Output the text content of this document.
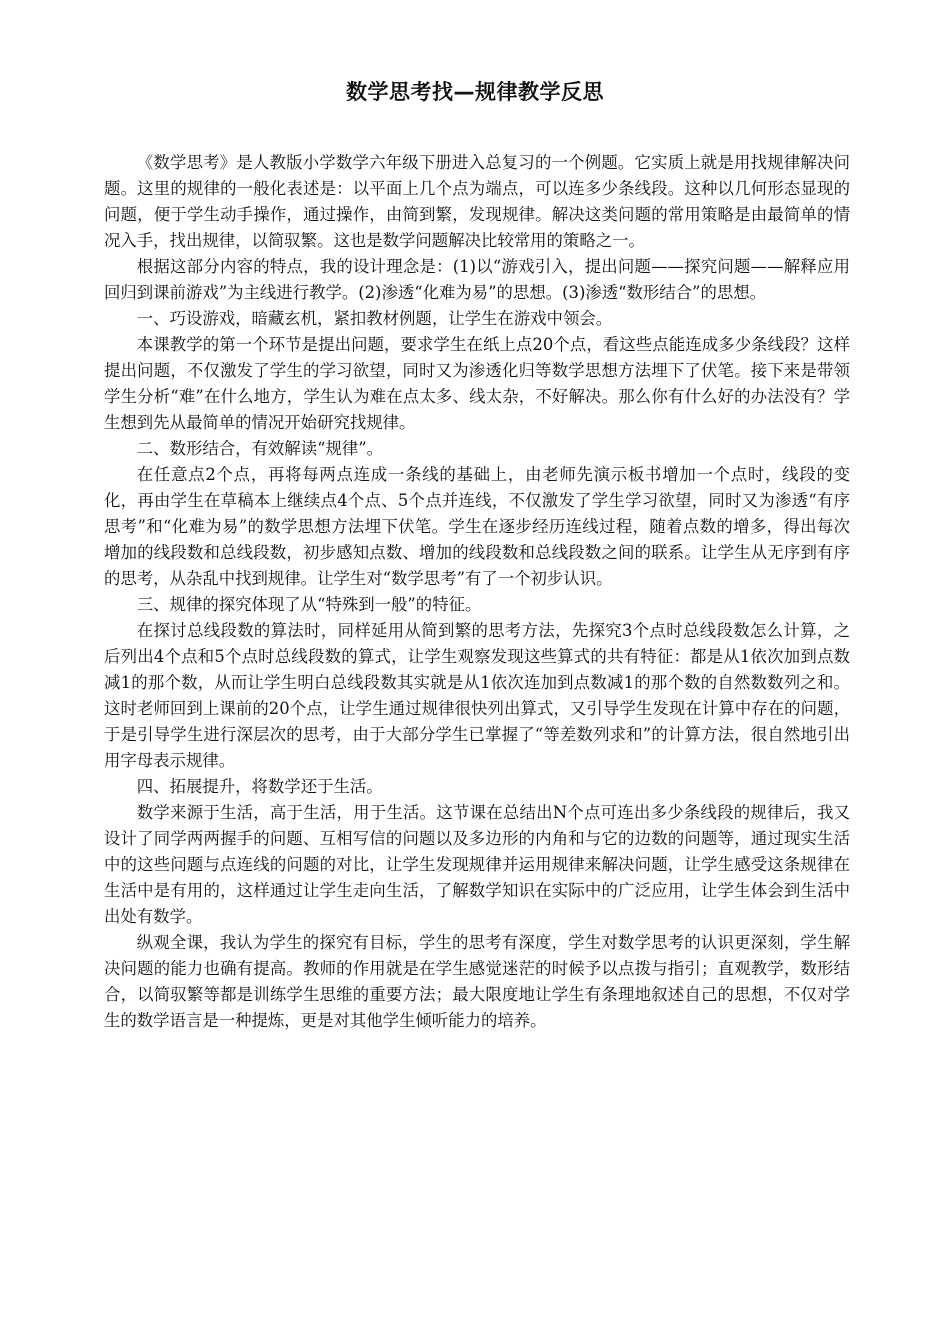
数学思考找—规律教学反思

《数学思考》是人教版小学数学六年级下册进入总复习的一个例题。它实质上就是用找规律解决问题。这里的规律的一般化表述是：以平面上几个点为端点，可以连多少条线段。这种以几何形态显现的问题，便于学生动手操作，通过操作，由简到繁，发现规律。解决这类问题的常用策略是由最简单的情况入手，找出规律，以简驭繁。这也是数学问题解决比较常用的策略之一。

根据这部分内容的特点，我的设计理念是：(1)以“游戏引入，提出问题——探究问题——解释应用回归到课前游戏”为主线进行教学。(2)渗透“化难为易”的思想。(3)渗透“数形结合”的思想。

一、巧设游戏，暗藏玄机，紧扣教材例题，让学生在游戏中领会。

本课教学的第一个环节是提出问题，要求学生在纸上点20个点，看这些点能连成多少条线段？这样提出问题，不仅激发了学生的学习欲望，同时又为渗透化归等数学思想方法埋下了伏笔。接下来是带领学生分析“难”在什么地方，学生认为难在点太多、线太杂，不好解决。那么你有什么好的办法没有？学生想到先从最简单的情况开始研究找规律。

二、数形结合，有效解读“规律”。

在任意点2个点，再将每两点连成一条线的基础上，由老师先演示板书增加一个点时，线段的变化，再由学生在草稿本上继续点4个点、5个点并连线，不仅激发了学生学习欲望，同时又为渗透“有序思考”和“化难为易”的数学思想方法埋下伏笔。学生在逐步经历连线过程，随着点数的增多，得出每次增加的线段数和总线段数，初步感知点数、增加的线段数和总线段数之间的联系。让学生从无序到有序的思考，从杂乱中找到规律。让学生对“数学思考”有了一个初步认识。

三、规律的探究体现了从“特殊到一般”的特征。

在探讨总线段数的算法时，同样延用从简到繁的思考方法，先探究3个点时总线段数怎么计算，之后列出4个点和5个点时总线段数的算式，让学生观察发现这些算式的共有特征：都是从1依次加到点数减1的那个数，从而让学生明白总线段数其实就是从1依次连加到点数减1的那个数的自然数数列之和。这时老师回到上课前的20个点，让学生通过规律很快列出算式，又引导学生发现在计算中存在的问题，于是引导学生进行深层次的思考，由于大部分学生已掌握了“等差数列求和”的计算方法，很自然地引出用字母表示规律。

四、拓展提升，将数学还于生活。

数学来源于生活，高于生活，用于生活。这节课在总结出N个点可连出多少条线段的规律后，我又设计了同学两两握手的问题、互相写信的问题以及多边形的内角和与它的边数的问题等，通过现实生活中的这些问题与点连线的问题的对比，让学生发现规律并运用规律来解决问题，让学生感受这条规律在生活中是有用的，这样通过让学生走向生活，了解数学知识在实际中的广泛应用，让学生体会到生活中出处有数学。

纵观全课，我认为学生的探究有目标，学生的思考有深度，学生对数学思考的认识更深刻，学生解决问题的能力也确有提高。教师的作用就是在学生感觉迷茫的时候予以点拨与指引；直观教学，数形结合，以简驭繁等都是训练学生思维的重要方法；最大限度地让学生有条理地叙述自己的思想，不仅对学生的数学语言是一种提炼，更是对其他学生倾听能力的培养。
